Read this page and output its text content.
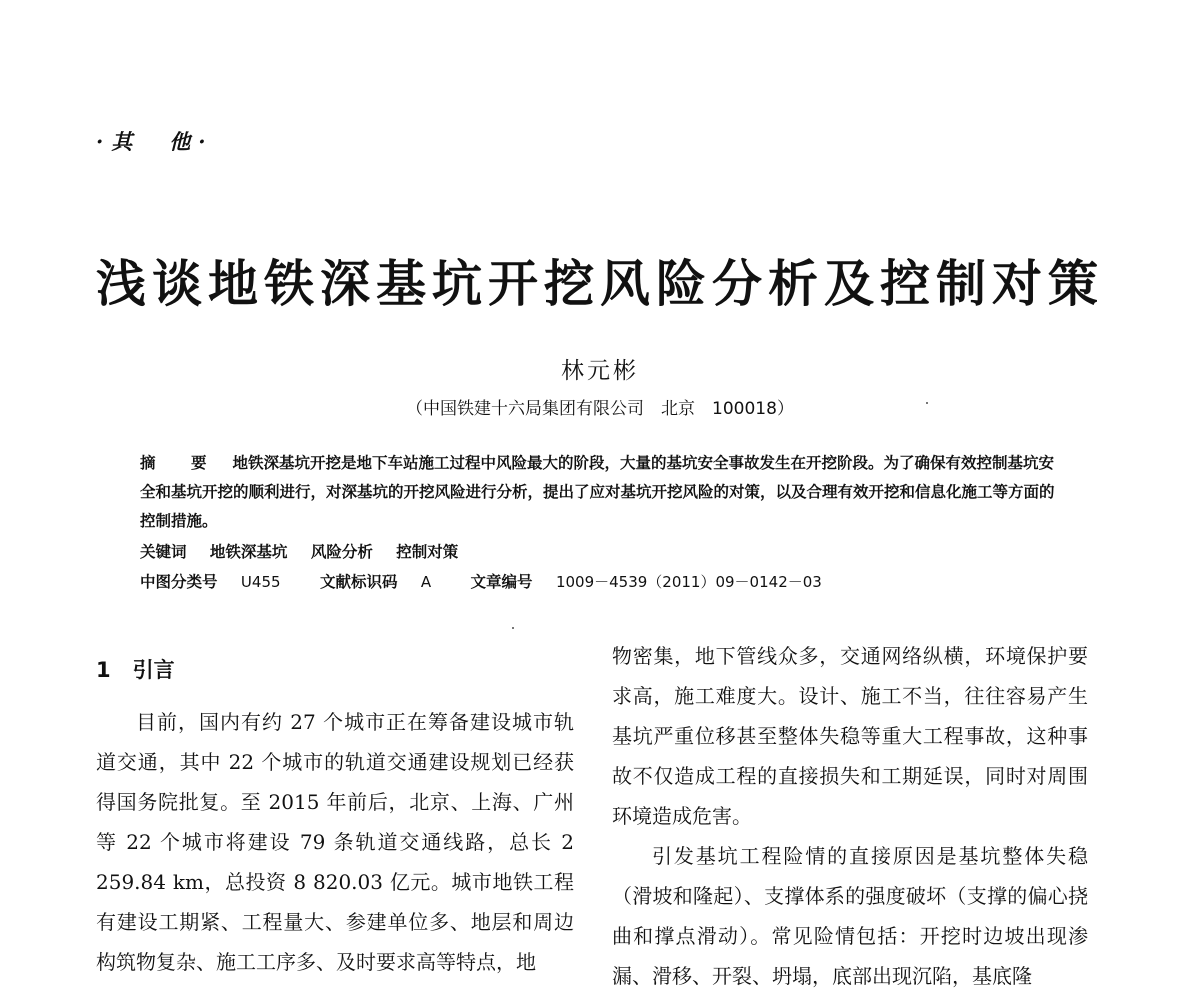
·其　他·
浅谈地铁深基坑开挖风险分析及控制对策
林元彬
（中国铁建十六局集团有限公司　北京　100018）
摘　要 地铁深基坑开挖是地下车站施工过程中风险最大的阶段，大量的基坑安全事故发生在开挖阶段。为了确保有效控制基坑安全和基坑开挖的顺利进行，对深基坑的开挖风险进行分析，提出了应对基坑开挖风险的对策，以及合理有效开挖和信息化施工等方面的控制措施。
关键词 地铁深基坑 风险分析 控制对策
中图分类号 U455	文献标识码 A	文章编号 1009－4539（2011）09－0142－03
1 引言

目前，国内有约 27 个城市正在筹备建设城市轨道交通，其中 22 个城市的轨道交通建设规划已经获得国务院批复。至 2015 年前后，北京、上海、广州等 22 个城市将建设 79 条轨道交通线路，总长 2 259.84 km，总投资 8 820.03 亿元。城市地铁工程有建设工期紧、工程量大、参建单位多、地层和周边构筑物复杂、施工工序多、及时要求高等特点，地

物密集，地下管线众多，交通网络纵横，环境保护要求高，施工难度大。设计、施工不当，往往容易产生基坑严重位移甚至整体失稳等重大工程事故，这种事故不仅造成工程的直接损失和工期延误，同时对周围环境造成危害。

引发基坑工程险情的直接原因是基坑整体失稳（滑坡和隆起）、支撑体系的强度破坏（支撑的偏心挠曲和撑点滑动）。常见险情包括：开挖时边坡出现渗漏、滑移、开裂、坍塌，底部出现沉陷，基底隆
